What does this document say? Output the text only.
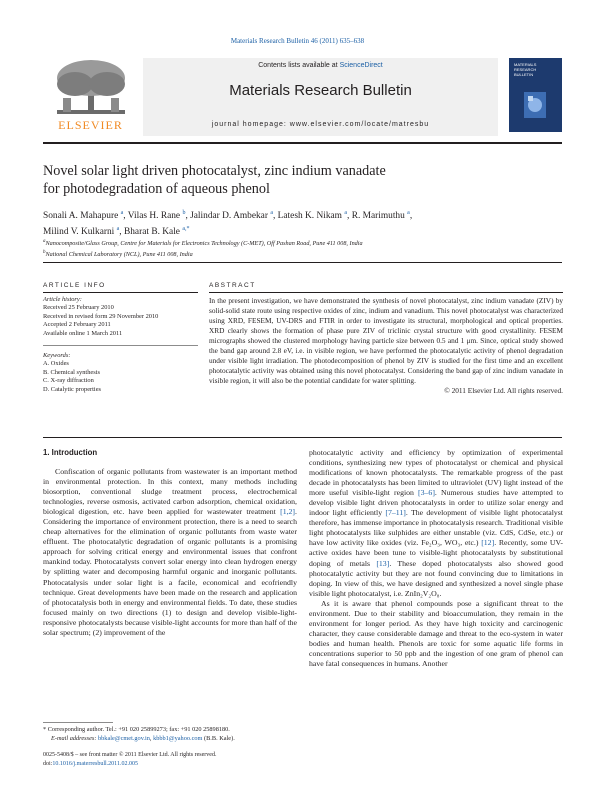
Materials Research Bulletin 46 (2011) 635–638
ELSEVIER
Contents lists available at ScienceDirect
Materials Research Bulletin
journal homepage: www.elsevier.com/locate/matresbu
MATERIALS
RESEARCH
BULLETIN
Novel solar light driven photocatalyst, zinc indium vanadate
for photodegradation of aqueous phenol
Sonali A. Mahapure $^a$, Vilas H. Rane $^b$, Jalindar D. Ambekar $^a$, Latesh K. Nikam $^a$, R. Marimuthu $^a$,
Milind V. Kulkarni $^a$, Bharat B. Kale $^{a,*}$
$^a$Nanocomposite/Glass Group, Centre for Materials for Electronics Technology (C-MET), Off Pashan Road, Pune 411 008, India
$^b$National Chemical Laboratory (NCL), Pune 411 008, India
ARTICLE INFO	ABSTRACT
Article history:
Received 25 February 2010
Received in revised form 29 November 2010
Accepted 2 February 2011
Available online 1 March 2011
Keywords:
A. Oxides
B. Chemical synthesis
C. X-ray diffraction
D. Catalytic properties
In the present investigation, we have demonstrated the synthesis of novel photocatalyst, zinc indium vanadate (ZIV) by solid-solid state route using respective oxides of zinc, indium and vanadium. This novel photocatalyst was characterized using XRD, FESEM, UV-DRS and FTIR in order to investigate its structural, morphological and optical properties. XRD clearly shows the formation of phase pure ZIV of triclinic crystal structure with good crystallinity. FESEM micrographs showed the clustered morphology having particle size between 0.5 and 1 μm. Since, optical study showed the band gap around 2.8 eV, i.e. in visible region, we have performed the photocatalytic activity of phenol degradation under visible light irradiation. The photodecomposition of phenol by ZIV is studied for the first time and an excellent photocatalytic activity was obtained using this novel photocatalyst. Considering the band gap of zinc indium vanadate in visible region, it will also be the potential candidate for water splitting.
© 2011 Elsevier Ltd. All rights reserved.
1. Introduction

Confiscation of organic pollutants from wastewater is an important method in environmental protection. In this context, many methods including biosorption, conventional sludge treatment process, electrochemical technologies, reverse osmosis, activated carbon adsorption, chemical oxidation, biological digestion, etc. have been applied for wastewater treatment [1,2]. Considering the importance of environment protection, there is a need to search cheap alternatives for the elimination of organic pollutants from waste water effluent. The photocatalytic degradation of organic pollutants is a promising approach for solving critical energy and environmental issues that confront mankind today. Photocatalysts convert solar energy into clean hydrogen energy by splitting water and decomposing harmful organic and inorganic pollutants. Photocatalysis under solar light is a facile, economical and ecofriendly technique. Great developments have been made on the research and application of photocatalysis both in energy and environmental fields. To date, these studies focused mainly on two directions (1) to design and develop visible-light-responsive photocatalysts because visible-light accounts for more than half of the solar spectrum; (2) improvement of the

photocatalytic activity and efficiency by optimization of experimental conditions, synthesizing new types of photocatalyst or chemical and physical modifications of known photocatalysts. The remarkable progress of the past decade in photocatalysts has been limited to ultraviolet (UV) light instead of the more useful visible-light region [3–6]. Numerous studies have attempted to develop visible light driven photocatalysts in order to utilize solar energy and indoor light efficiently [7–11]. The development of visible light photocatalyst therefore, has immense importance in photocatalysis research. Traditional visible light photocatalysts like sulphides are either unstable (viz. CdS, CdSe, etc.) or have low activity like oxides (viz. Fe₂O₃, WO₃, etc.) [12]. Recently, some UV-active oxides have been tune to visible-light photocatalysts by substitutional doping of metals [13]. These doped photocatalysts also showed good photocatalytic activity but they are not found convincing due to limitations in doping. In view of this, we have designed and synthesized a novel single phase visible light photocatalyst, i.e. ZnIn₂V₂O₈.

As it is aware that phenol compounds pose a significant threat to the environment. Due to their stability and bioaccumulation, they remain in the environment for longer period. As they have high toxicity and carcinogenic character, they cause considerable damage and threat to the eco-system in water bodies and human health. Phenols are toxic for some aquatic life forms in concentrations superior to 50 ppb and the ingestion of one gram of phenol can have fatal consequences in humans. Another

* Corresponding author. Tel.: +91 020 25899273; fax: +91 020 25898180.
E-mail addresses: bbkale@cmet.gov.in, kbbb1@yahoo.com (B.B. Kale).
0025-5408/$ – see front matter © 2011 Elsevier Ltd. All rights reserved.
doi:10.1016/j.materresbull.2011.02.005
